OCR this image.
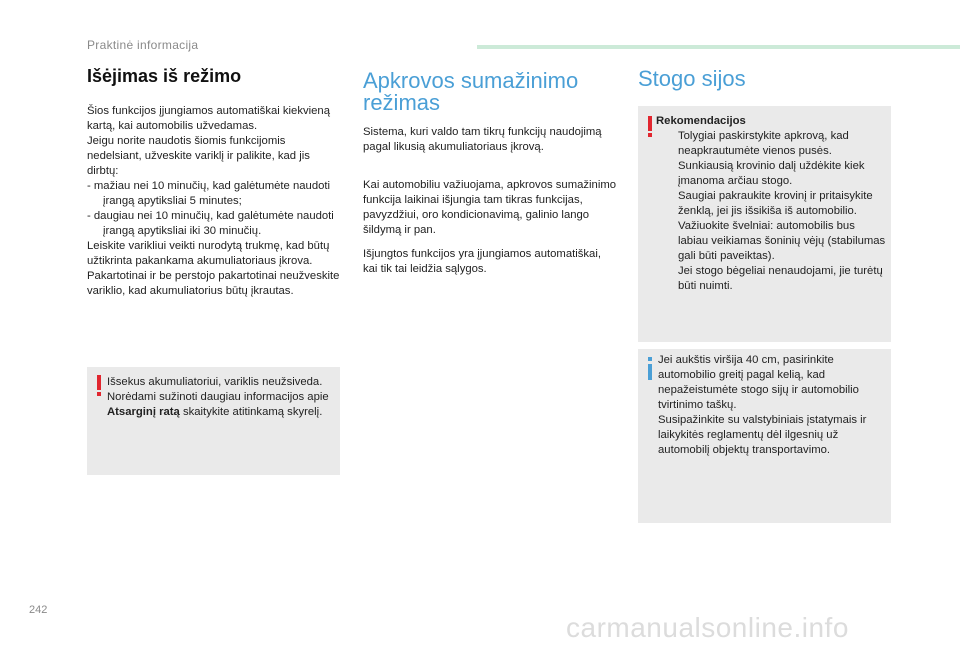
Praktinė informacija
Išėjimas iš režimo

Šios funkcijos įjungiamos automatiškai kiekvieną kartą, kai automobilis užvedamas.

Jeigu norite naudotis šiomis funkcijomis nedelsiant, užveskite variklį ir palikite, kad jis dirbtų:

- mažiau nei 10 minučių, kad galėtumėte naudoti įrangą apytiksliai 5 minutes;

- daugiau nei 10 minučių, kad galėtumėte naudoti įrangą apytiksliai iki 30 minučių.

Leiskite varikliui veikti nurodytą trukmę, kad būtų užtikrinta pakankama akumuliatoriaus įkrova.

Pakartotinai ir be perstojo pakartotinai neužveskite variklio, kad akumuliatorius būtų įkrautas.

Išsekus akumuliatoriui, variklis neužsiveda.

Norėdami sužinoti daugiau informacijos apie Atsarginį ratą skaitykite atitinkamą skyrelį.

Apkrovos sumažinimo
režimas

Sistema, kuri valdo tam tikrų funkcijų naudojimą pagal likusią akumuliatoriaus įkrovą.

Kai automobiliu važiuojama, apkrovos sumažinimo funkcija laikinai išjungia tam tikras funkcijas, pavyzdžiui, oro kondicionavimą, galinio lango šildymą ir pan.

Išjungtos funkcijos yra įjungiamos automatiškai, kai tik tai leidžia sąlygos.

Stogo sijos
Rekomendacijos
Tolygiai paskirstykite apkrovą, kad neapkrautumėte vienos pusės.
Sunkiausią krovinio dalį uždėkite kiek įmanoma arčiau stogo.
Saugiai pakraukite krovinį ir pritaisykite ženklą, jei jis išsikiša iš automobilio.
Važiuokite švelniai: automobilis bus labiau veikiamas šoninių vėjų (stabilumas gali būti paveiktas).
Jei stogo bėgeliai nenaudojami, jie turėtų būti nuimti.

Jei aukštis viršija 40 cm, pasirinkite automobilio greitį pagal kelią, kad nepažeistumėte stogo sijų ir automobilio tvirtinimo taškų.

Susipažinkite su valstybiniais įstatymais ir laikykitės reglamentų dėl ilgesnių už automobilį objektų transportavimo.

242
carmanualsonline.info
